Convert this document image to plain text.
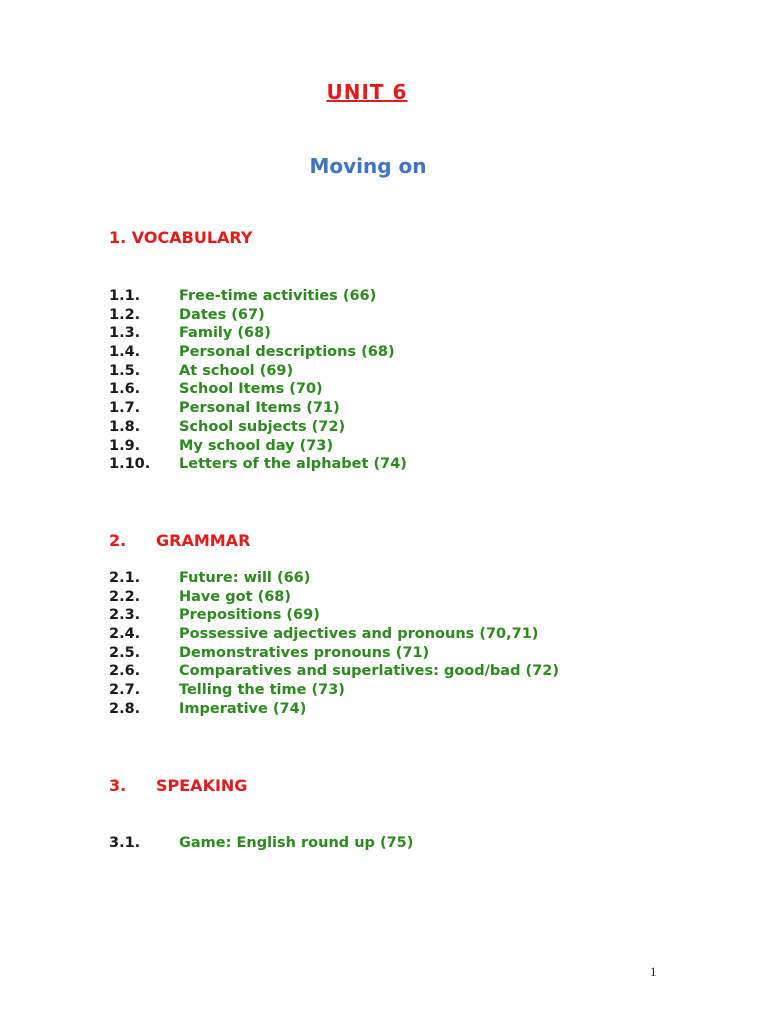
UNIT 6
Moving on
1. VOCABULARY
1.1.	Free-time activities (66)
1.2.	Dates (67)
1.3.	Family (68)
1.4.	Personal descriptions (68)
1.5.	At school (69)
1.6.	School Items (70)
1.7.	Personal Items (71)
1.8.	School subjects (72)
1.9.	My school day (73)
1.10. Letters of the alphabet (74)
2. GRAMMAR
2.1.	Future: will (66)
2.2.	Have got (68)
2.3.	Prepositions (69)
2.4.	Possessive adjectives and pronouns (70,71)
2.5.	Demonstratives pronouns (71)
2.6.	Comparatives and superlatives: good/bad (72)
2.7.	Telling the time (73)
2.8.	Imperative (74)
3. SPEAKING
3.1.	Game: English round up (75)
1
